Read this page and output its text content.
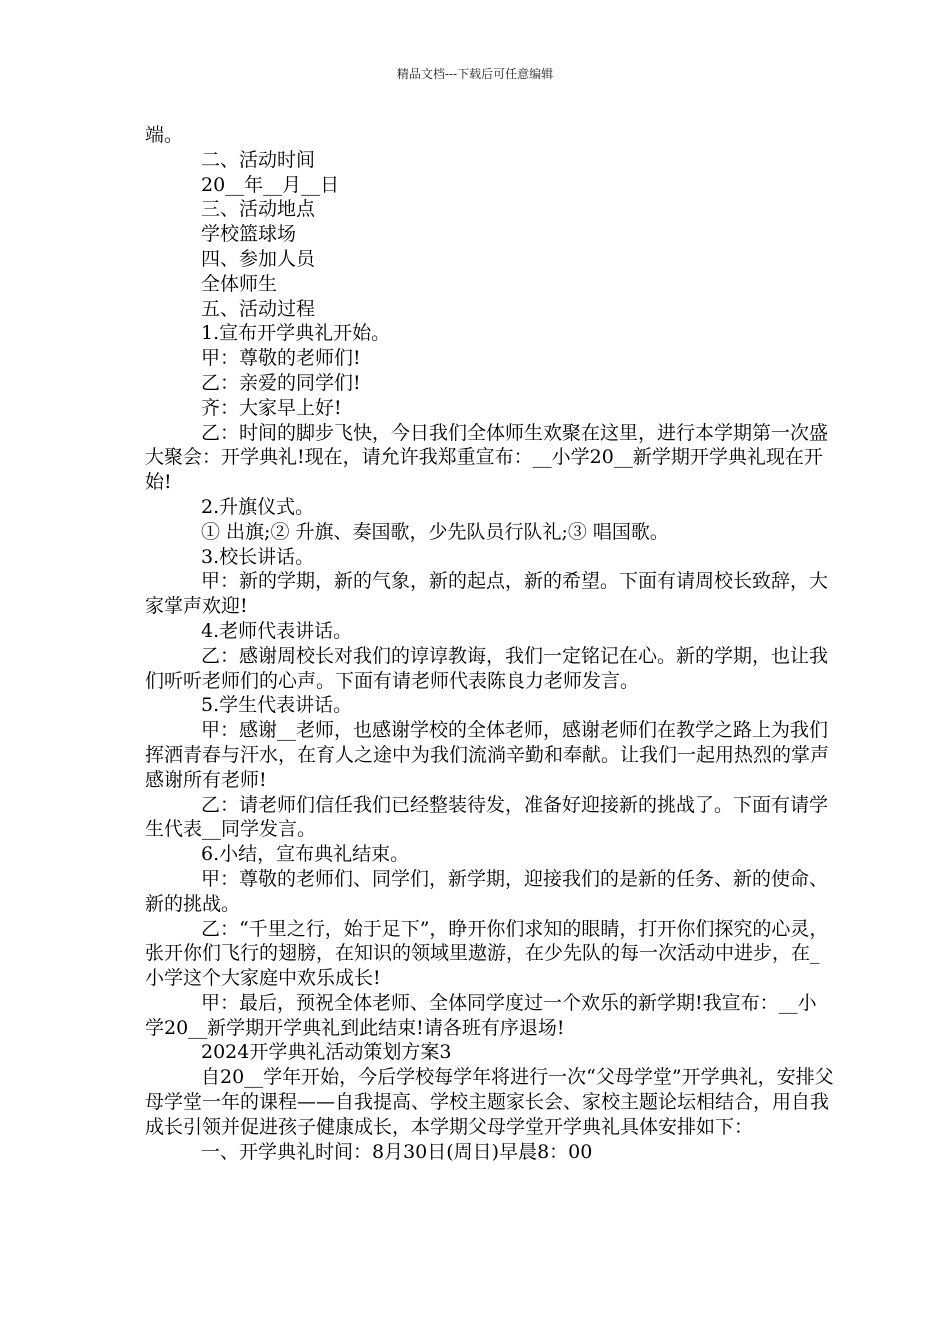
精品文档---下载后可任意编辑

端。

二、活动时间

20__年__月__日

三、活动地点

学校篮球场

四、参加人员

全体师生

五、活动过程

1.宣布开学典礼开始。

甲：尊敬的老师们!

乙：亲爱的同学们!

齐：大家早上好!

乙：时间的脚步飞快，今日我们全体师生欢聚在这里，进行本学期第一次盛大聚会：开学典礼!现在，请允许我郑重宣布：__小学20__新学期开学典礼现在开始!

2.升旗仪式。

① 出旗;② 升旗、奏国歌，少先队员行队礼;③ 唱国歌。

3.校长讲话。

甲：新的学期，新的气象，新的起点，新的希望。下面有请周校长致辞，大家掌声欢迎!

4.老师代表讲话。

乙：感谢周校长对我们的谆谆教诲，我们一定铭记在心。新的学期，也让我们听听老师们的心声。下面有请老师代表陈良力老师发言。

5.学生代表讲话。

甲：感谢__老师，也感谢学校的全体老师，感谢老师们在教学之路上为我们挥洒青春与汗水，在育人之途中为我们流淌辛勤和奉献。让我们一起用热烈的掌声感谢所有老师!

乙：请老师们信任我们已经整装待发，准备好迎接新的挑战了。下面有请学生代表__同学发言。

6.小结，宣布典礼结束。

甲：尊敬的老师们、同学们，新学期，迎接我们的是新的任务、新的使命、新的挑战。

乙：“千里之行，始于足下”，睁开你们求知的眼睛，打开你们探究的心灵，张开你们飞行的翅膀，在知识的领域里遨游，在少先队的每一次活动中进步，在_小学这个大家庭中欢乐成长!

甲：最后，预祝全体老师、全体同学度过一个欢乐的新学期!我宣布：__小学20__新学期开学典礼到此结束!请各班有序退场!

2024开学典礼活动策划方案3

自20__学年开始，今后学校每学年将进行一次“父母学堂”开学典礼，安排父母学堂一年的课程——自我提高、学校主题家长会、家校主题论坛相结合，用自我成长引领并促进孩子健康成长，本学期父母学堂开学典礼具体安排如下：

一、开学典礼时间：8月30日(周日)早晨8：00
